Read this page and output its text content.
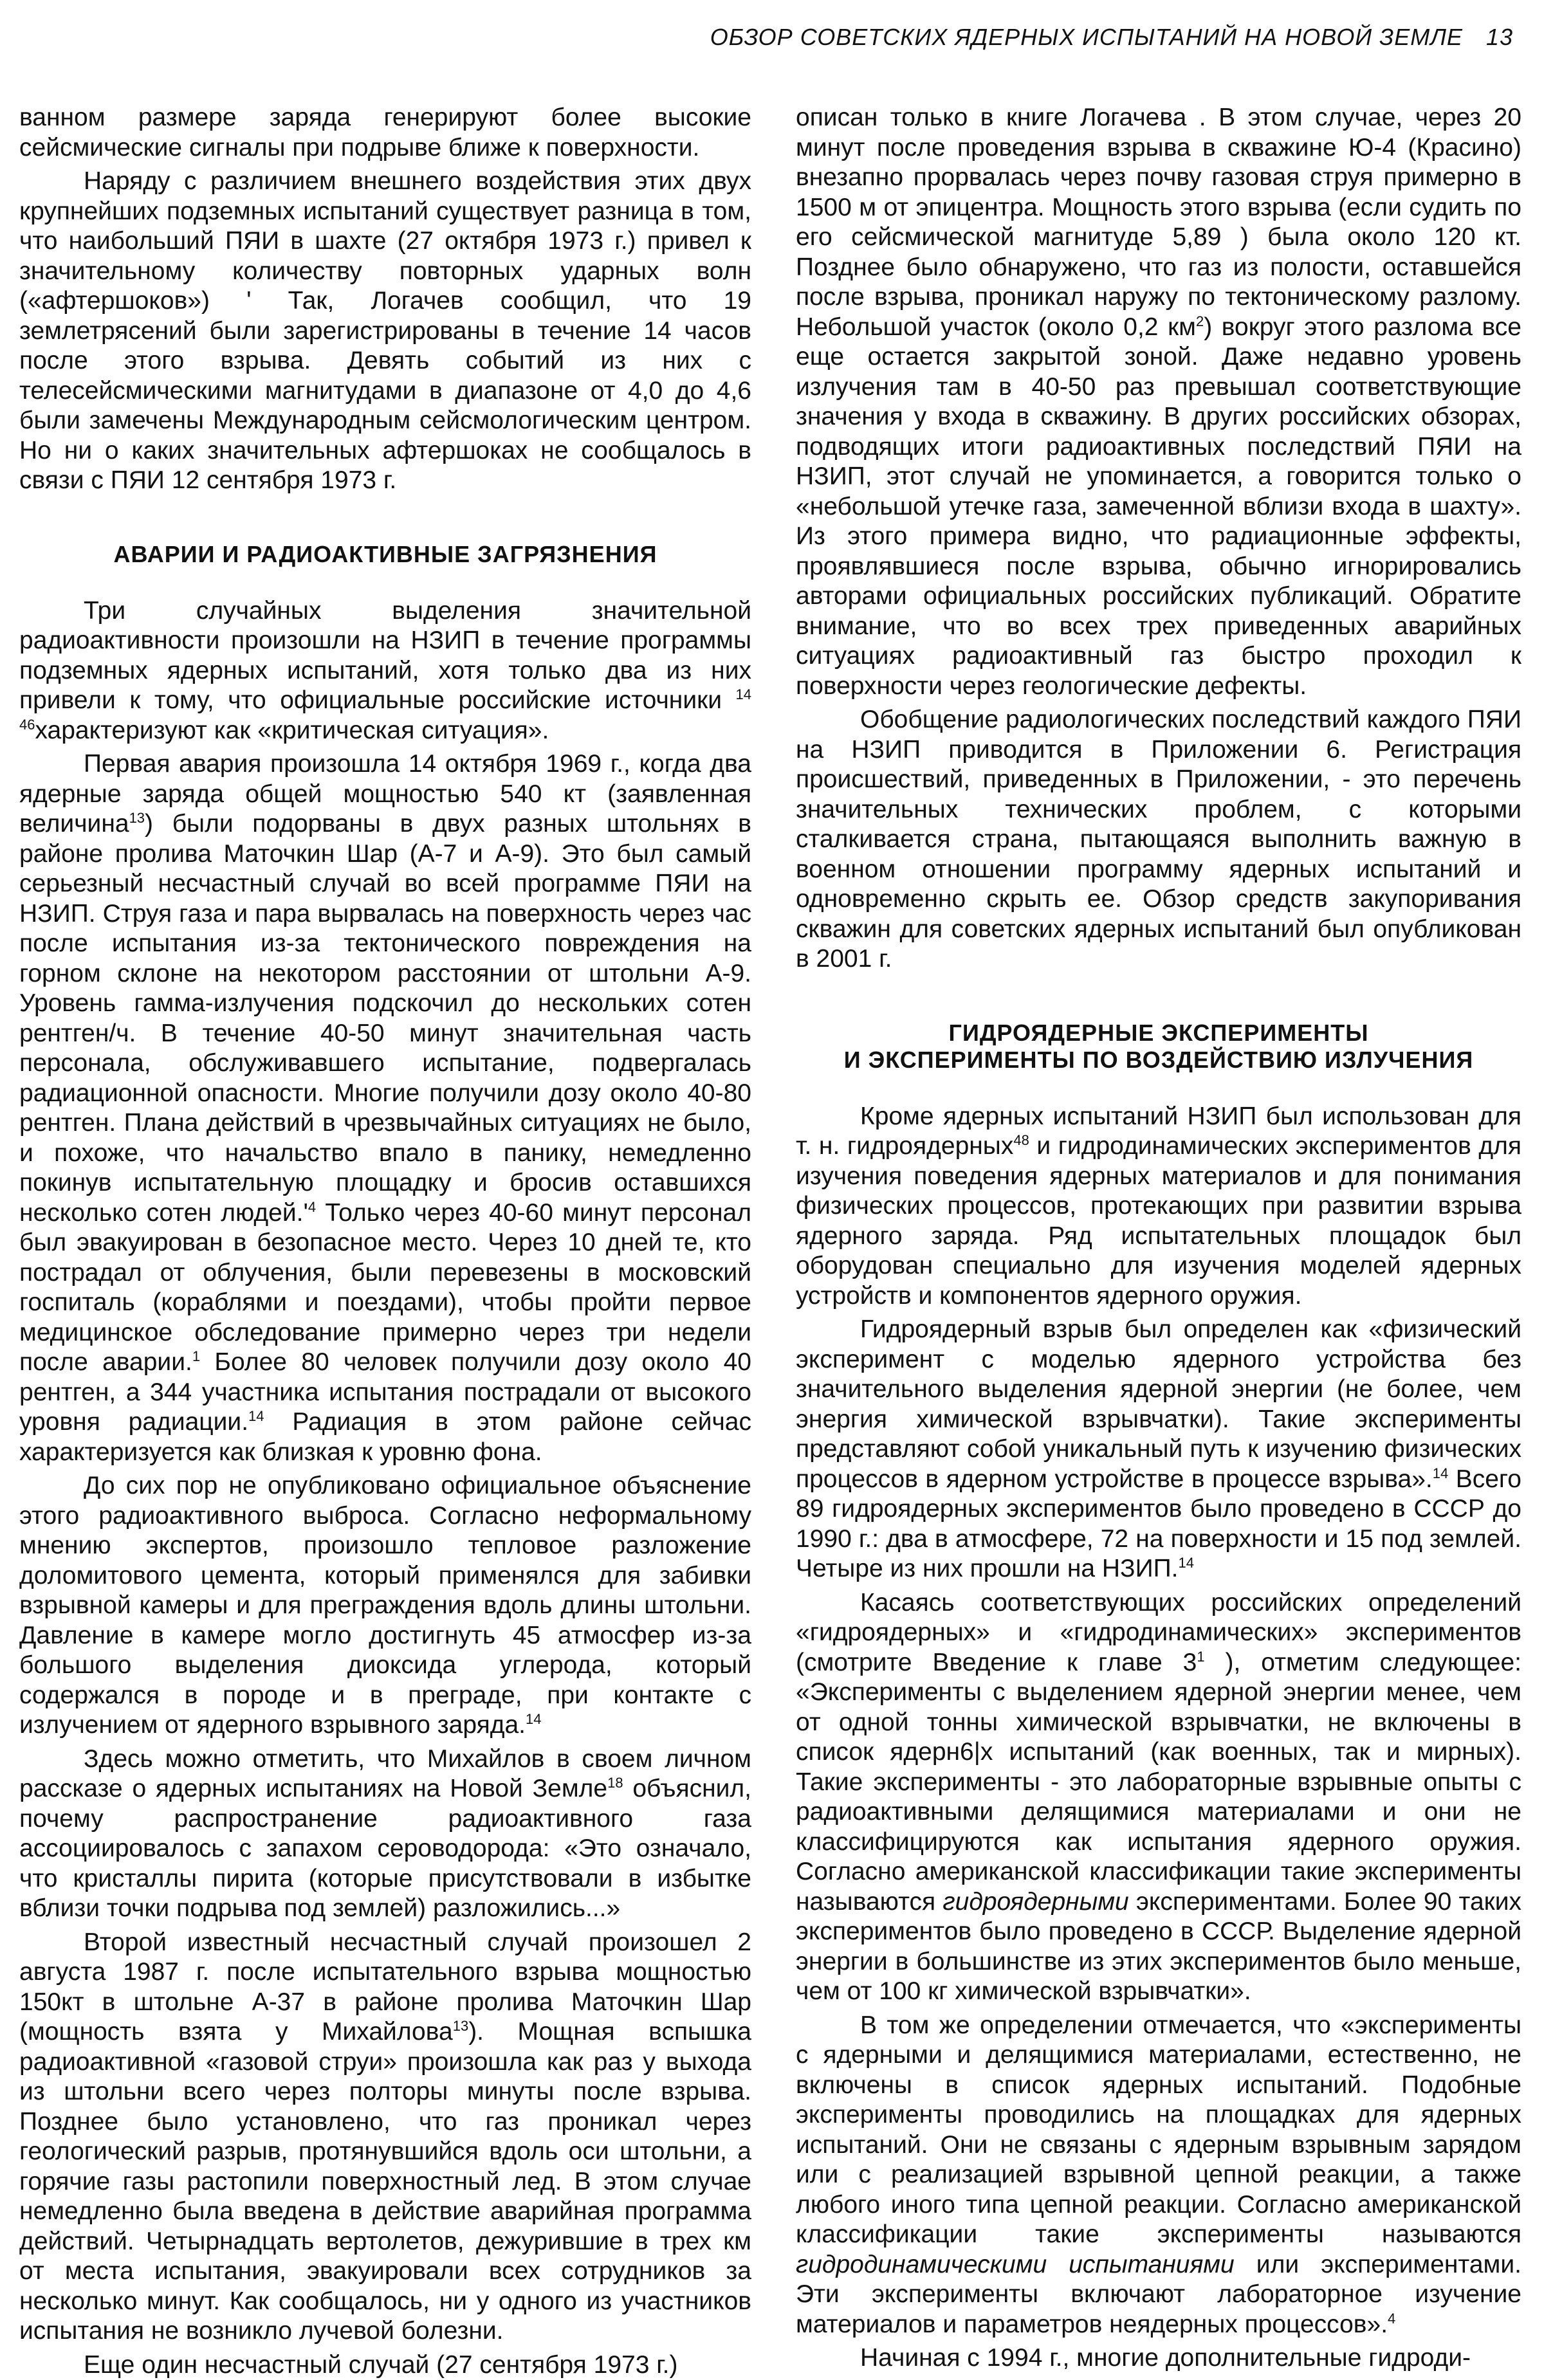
ОБЗОР СОВЕТСКИХ ЯДЕРНЫХ ИСПЫТАНИЙ НА НОВОЙ ЗЕМЛЕ 13

ванном размере заряда генерируют более высокие сейсмические сигналы при подрыве ближе к поверхности.

Наряду с различием внешнего воздействия этих двух крупнейших подземных испытаний существует разница в том, что наибольший ПЯИ в шахте (27 октября 1973 г.) привел к значительному количеству повторных ударных волн («афтершоков») ' Так, Логачев сообщил, что 19 землетрясений были зарегистрированы в течение 14 часов после этого взрыва. Девять событий из них с телесейсмическими магнитудами в диапазоне от 4,0 до 4,6 были замечены Международным сейсмологическим центром. Но ни о каких значительных афтершоках не сообщалось в связи с ПЯИ 12 сентября 1973 г.

АВАРИИ И РАДИОАКТИВНЫЕ ЗАГРЯЗНЕНИЯ

Три случайных выделения значительной радиоактивности произошли на НЗИП в течение программы подземных ядерных испытаний, хотя только два из них привели к тому, что официальные российские источники $^{14 46}$характеризуют как «критическая ситуация».

Первая авария произошла 14 октября 1969 г., когда два ядерные заряда общей мощностью 540 кт (заявленная величина$^{13}$) были подорваны в двух разных штольнях в районе пролива Маточкин Шар (А-7 и А-9). Это был самый серьезный несчастный случай во всей программе ПЯИ на НЗИП. Струя газа и пара вырвалась на поверхность через час после испытания из-за тектонического повреждения на горном склоне на некотором расстоянии от штольни А-9. Уровень гамма-излучения подскочил до нескольких сотен рентген/ч. В течение 40-50 минут значительная часть персонала, обслуживавшего испытание, подвергалась радиационной опасности. Многие получили дозу около 40-80 рентген. Плана действий в чрезвычайных ситуациях не было, и похоже, что начальство впало в панику, немедленно покинув испытательную площадку и бросив оставшихся несколько сотен $людей.'^4$ Только через 40-60 минут персонал был эвакуирован в безопасное место. Через 10 дней те, кто пострадал от облучения, были перевезены в московский госпиталь (кораблями и поездами), чтобы пройти первое медицинское обследование примерно через три недели после аварии.$^1$ Более 80 человек получили дозу около 40 рентген, а 344 участника испытания пострадали от высокого уровня радиации.$^{14}$ Радиация в этом районе сейчас характеризуется как близкая к уровню фона.

До сих пор не опубликовано официальное объяснение этого радиоактивного выброса. Согласно неформальному мнению экспертов, произошло тепловое разложение доломитового цемента, который применялся для забивки взрывной камеры и для преграждения вдоль длины штольни. Давление в камере могло достигнуть 45 атмосфер из-за большого выделения диоксида углерода, который содержался в породе и в преграде, при контакте с излучением от ядерного взрывного заряда.$^{14}$

Здесь можно отметить, что Михайлов в своем личном рассказе о ядерных испытаниях на Новой Земле$^{18}$ объяснил, почему распространение радиоактивного газа ассоциировалось с запахом сероводорода: «Это означало, что кристаллы пирита (которые присутствовали в избытке вблизи точки подрыва под землей) разложились...»

Второй известный несчастный случай произошел 2 августа 1987 г. после испытательного взрыва мощностью 150кт в штольне А-37 в районе пролива Маточкин Шар (мощность взята у Михайлова$^{13}$). Мощная вспышка радиоактивной «газовой струи» произошла как раз у выхода из штольни всего через полторы минуты после взрыва. Позднее было установлено, что газ проникал через геологический разрыв, протянувшийся вдоль оси штольни, а горячие газы растопили поверхностный лед. В этом случае немедленно была введена в действие аварийная программа действий. Четырнадцать вертолетов, дежурившие в трех км от места испытания, эвакуировали всех сотрудников за несколько минут. Как сообщалось, ни у одного из участников испытания не возникло лучевой болезни.

Еще один несчастный случай (27 сентября 1973 г.)

описан только в книге Логачева . В этом случае, через 20 минут после проведения взрыва в скважине Ю-4 (Красино) внезапно прорвалась через почву газовая струя примерно в 1500 м от эпицентра. Мощность этого взрыва (если судить по его сейсмической магнитуде 5,89 ) была около 120 кт. Позднее было обнаружено, что газ из полости, оставшейся после взрыва, проникал наружу по тектоническому разлому. Небольшой участок (около 0,2 $км^2$) вокруг этого разлома все еще остается закрытой зоной. Даже недавно уровень излучения там в 40-50 раз превышал соответствующие значения у входа в скважину. В других российских обзорах, подводящих итоги радиоактивных последствий ПЯИ на НЗИП, этот случай не упоминается, а говорится только о «небольшой утечке газа, замеченной вблизи входа в шахту». Из этого примера видно, что радиационные эффекты, проявлявшиеся после взрыва, обычно игнорировались авторами официальных российских публикаций. Обратите внимание, что во всех трех приведенных аварийных ситуациях радиоактивный газ быстро проходил к поверхности через геологические дефекты.

Обобщение радиологических последствий каждого ПЯИ на НЗИП приводится в Приложении 6. Регистрация происшествий, приведенных в Приложении, - это перечень значительных технических проблем, с которыми сталкивается страна, пытающаяся выполнить важную в военном отношении программу ядерных испытаний и одновременно скрыть ее. Обзор средств закупоривания скважин для советских ядерных испытаний был опубликован в 2001 г.

ГИДРОЯДЕРНЫЕ ЭКСПЕРИМЕНТЫ
И ЭКСПЕРИМЕНТЫ ПО ВОЗДЕЙСТВИЮ ИЗЛУЧЕНИЯ

Кроме ядерных испытаний НЗИП был использован для т. н. гидроядерных$^{48}$ и гидродинамических экспериментов для изучения поведения ядерных материалов и для понимания физических процессов, протекающих при развитии взрыва ядерного заряда. Ряд испытательных площадок был оборудован специально для изучения моделей ядерных устройств и компонентов ядерного оружия.

Гидроядерный взрыв был определен как «физический эксперимент с моделью ядерного устройства без значительного выделения ядерной энергии (не более, чем энергия химической взрывчатки). Такие эксперименты представляют собой уникальный путь к изучению физических процессов в ядерном устройстве в процессе взрыва».$^{14}$ Всего 89 гидроядерных экспериментов было проведено в СССР до 1990 г.: два в атмосфере, 72 на поверхности и 15 под землей. Четыре из них прошли на НЗИП.$^{14}$

Касаясь соответствующих российских определений «гидроядерных» и «гидродинамических» экспериментов (смотрите Введение к главе $3^1$ ), отметим следующее: «Эксперименты с выделением ядерной энергии менее, чем от одной тонны химической взрывчатки, не включены в список ядерн6|х испытаний (как военных, так и мирных). Такие эксперименты - это лабораторные взрывные опыты с радиоактивными делящимися материалами и они не классифицируются как испытания ядерного оружия. Согласно американской классификации такие эксперименты называются гидроядерными экспериментами. Более 90 таких экспериментов было проведено в СССР. Выделение ядерной энергии в большинстве из этих экспериментов было меньше, чем от 100 кг химической взрывчатки».

В том же определении отмечается, что «эксперименты с ядерными и делящимися материалами, естественно, не включены в список ядерных испытаний. Подобные эксперименты проводились на площадках для ядерных испытаний. Они не связаны с ядерным взрывным зарядом или с реализацией взрывной цепной реакции, а также любого иного типа цепной реакции. Согласно американской классификации такие эксперименты называются гидродинамическими испытаниями или экспериментами. Эти эксперименты включают лабораторное изучение материалов и параметров неядерных процессов».$^4$

Начиная с 1994 г., многие дополнительные гидроди-
